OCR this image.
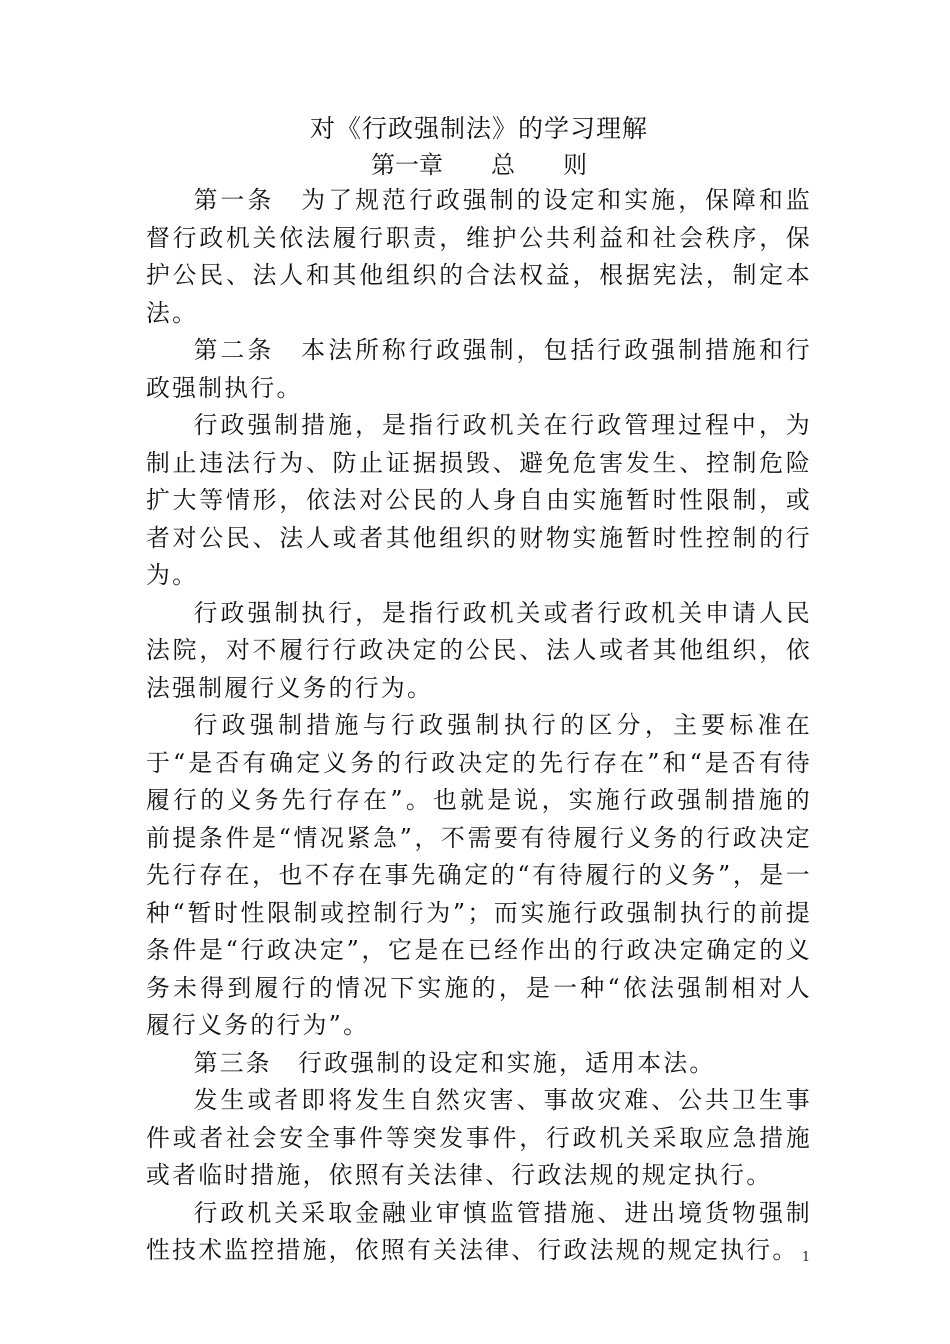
对《行政强制法》的学习理解
第一章　　总　　则

第一条　为了规范行政强制的设定和实施，保障和监督行政机关依法履行职责，维护公共利益和社会秩序，保护公民、法人和其他组织的合法权益，根据宪法，制定本法。

第二条　本法所称行政强制，包括行政强制措施和行政强制执行。

行政强制措施，是指行政机关在行政管理过程中，为制止违法行为、防止证据损毁、避免危害发生、控制危险扩大等情形，依法对公民的人身自由实施暂时性限制，或者对公民、法人或者其他组织的财物实施暂时性控制的行为。

行政强制执行，是指行政机关或者行政机关申请人民法院，对不履行行政决定的公民、法人或者其他组织，依法强制履行义务的行为。

行政强制措施与行政强制执行的区分，主要标准在于“是否有确定义务的行政决定的先行存在”和“是否有待履行的义务先行存在”。也就是说，实施行政强制措施的前提条件是“情况紧急”，不需要有待履行义务的行政决定先行存在，也不存在事先确定的“有待履行的义务”，是一种“暂时性限制或控制行为”；而实施行政强制执行的前提条件是“行政决定”，它是在已经作出的行政决定确定的义务未得到履行的情况下实施的，是一种“依法强制相对人履行义务的行为”。

第三条　行政强制的设定和实施，适用本法。

发生或者即将发生自然灾害、事故灾难、公共卫生事件或者社会安全事件等突发事件，行政机关采取应急措施或者临时措施，依照有关法律、行政法规的规定执行。

行政机关采取金融业审慎监管措施、进出境货物强制性技术监控措施，依照有关法律、行政法规的规定执行。 1
